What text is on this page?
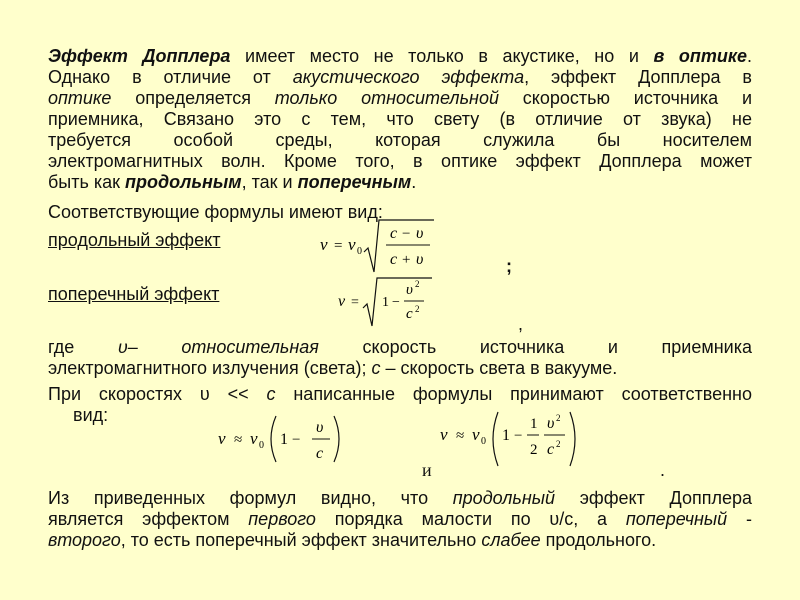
Эффект Допплера имеет место не только в акустике, но и в оптике.
Однако в отличие от акустического эффекта, эффект Допплера в
оптике определяется только относительной скоростью источника и
приемника, Связано это с тем, что свету (в отличие от звука) не
требуется особой среды, которая служила бы носителем
электромагнитных волн. Кроме того, в оптике эффект Допплера может
быть как продольным, так и поперечным.
Соответствующие формулы имеют вид:
продольный эффект	ν = ν 0
c − υ
c + υ	;
поперечный эффект	ν = 1 −
υ 2
c 2
,
где υ– относительная скорость источника и приемника
электромагнитного излучения (света); c – скорость света в вакууме.
При скоростях υ << c написанные формулы принимают соответственно
вид:
ν ≈ ν 0 1 −
υ
c
ν ≈ ν 0 1 −
1
2
υ 2
c 2
и	.
Из приведенных формул видно, что продольный эффект Допплера
является эффектом первого порядка малости по υ/c, а поперечный -
второго, то есть поперечный эффект значительно слабее продольного.
